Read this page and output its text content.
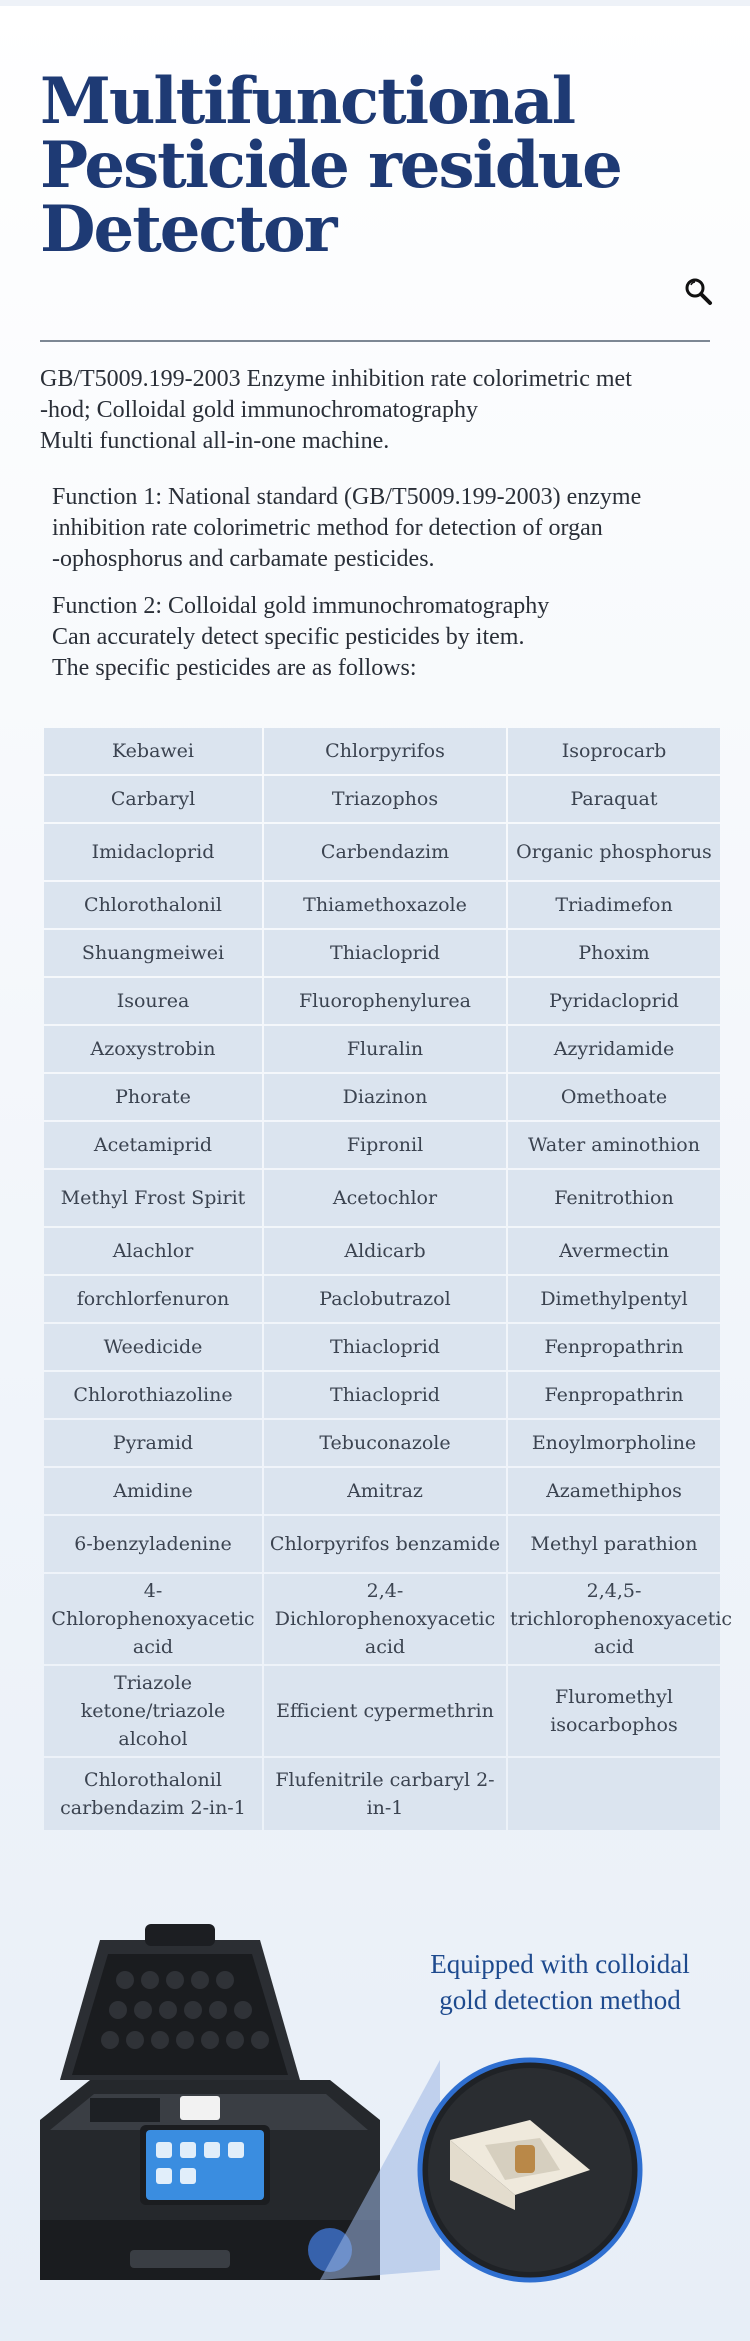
Multifunctional
Pesticide residue
Detector
GB/T5009.199-2003 Enzyme inhibition rate colorimetric met
-hod; Colloidal gold immunochromatography
Multi functional all-in-one machine.
Function 1: National standard (GB/T5009.199-2003) enzyme
inhibition rate colorimetric method for detection of organ
-ophosphorus and carbamate pesticides.
Function 2: Colloidal gold immunochromatography
Can accurately detect specific pesticides by item.
The specific pesticides are as follows:
Kebawei	Chlorpyrifos	Isoprocarb
Carbaryl	Triazophos	Paraquat
Imidacloprid	Carbendazim	Organic phosphorus
Chlorothalonil	Thiamethoxazole	Triadimefon
Shuangmeiwei	Thiacloprid	Phoxim
Isourea	Fluorophenylurea	Pyridacloprid
Azoxystrobin	Fluralin	Azyridamide
Phorate	Diazinon	Omethoate
Acetamiprid	Fipronil	Water aminothion
Methyl Frost Spirit	Acetochlor	Fenitrothion
Alachlor	Aldicarb	Avermectin
forchlorfenuron	Paclobutrazol	Dimethylpentyl
Weedicide	Thiacloprid	Fenpropathrin
Chlorothiazoline	Thiacloprid	Fenpropathrin
Pyramid	Tebuconazole	Enoylmorpholine
Amidine	Amitraz	Azamethiphos
6-benzyladenine	Chlorpyrifos benzamide	Methyl parathion
4-Chlorophenoxyacetic acid	2,4-Dichlorophenoxyacetic acid	2,4,5-trichlorophenoxyacetic acid
Triazole ketone/triazole alcohol	Efficient cypermethrin	Fluromethyl isocarbophos
Chlorothalonil carbendazim 2-in-1	Flufenitrile carbaryl 2-in-1	
Equipped with colloidal
gold detection method
